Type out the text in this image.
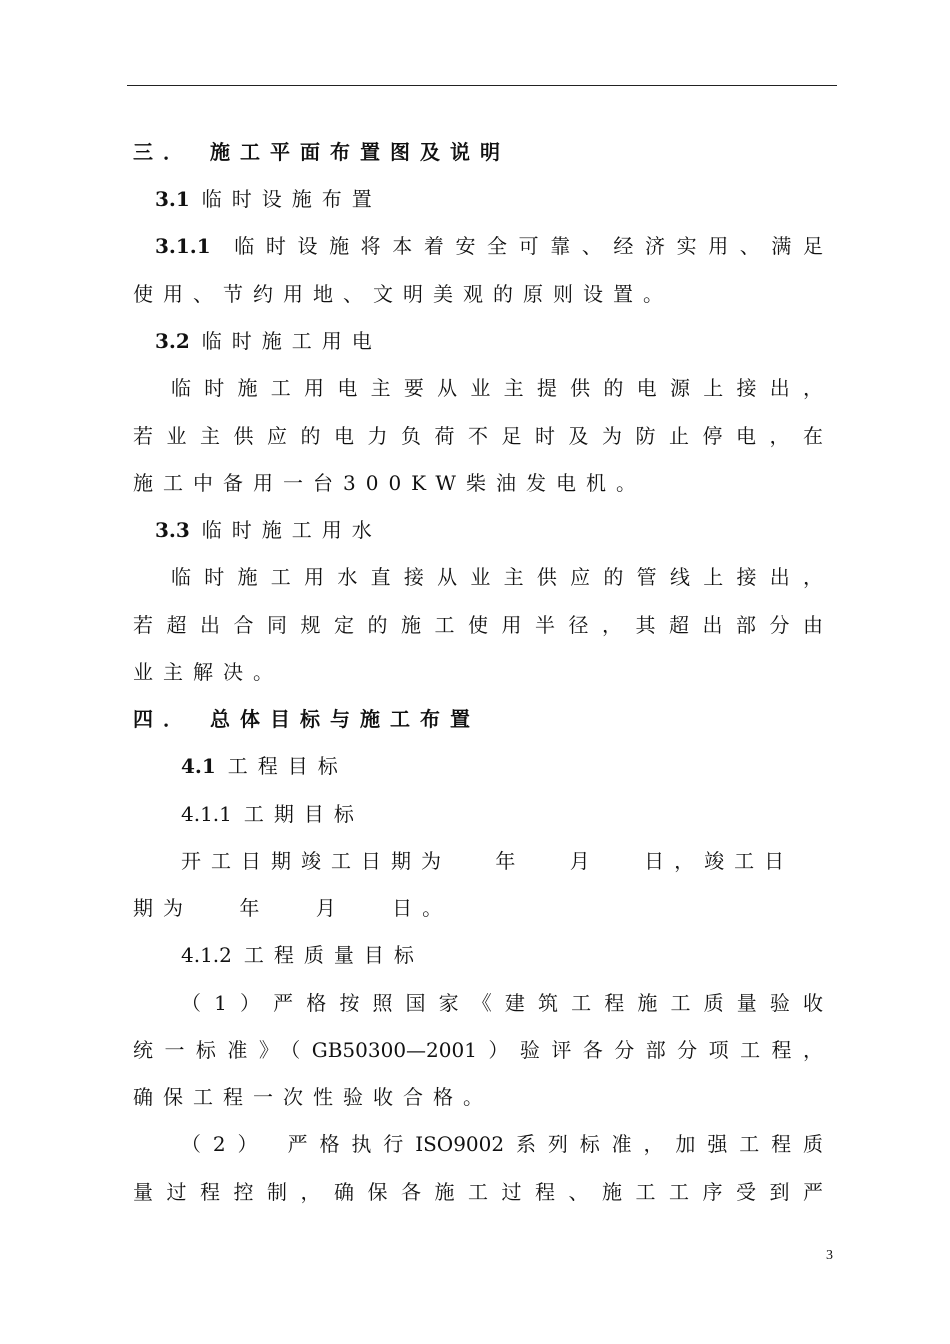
三． 施工平面布置图及说明
3.1 临时设施布置
3.1.1 临时设施将本着安全可靠、经济实用、满足
使用、节约用地、文明美观的原则设置。
3.2 临时施工用电
临时施工用电主要从业主提供的电源上接出，
若业主供应的电力负荷不足时及为防止停电，在
施工中备用一台300KW柴油发电机。
3.3 临时施工用水
临时施工用水直接从业主供应的管线上接出，
若超出合同规定的施工使用半径，其超出部分由
业主解决。
四． 总体目标与施工布置
4.1 工程目标
4.1.1 工期目标
开工日期竣工日期为 年 月 日，竣工日
期为 年 月 日。
4.1.2 工程质量目标
（1）严格按照国家《建筑工程施工质量验收
统一标准》（GB50300—2001）验评各分部分项工程，
确保工程一次性验收合格。
（2） 严格执行ISO9002系列标准，加强工程质
量过程控制，确保各施工过程、施工工序受到严
3
